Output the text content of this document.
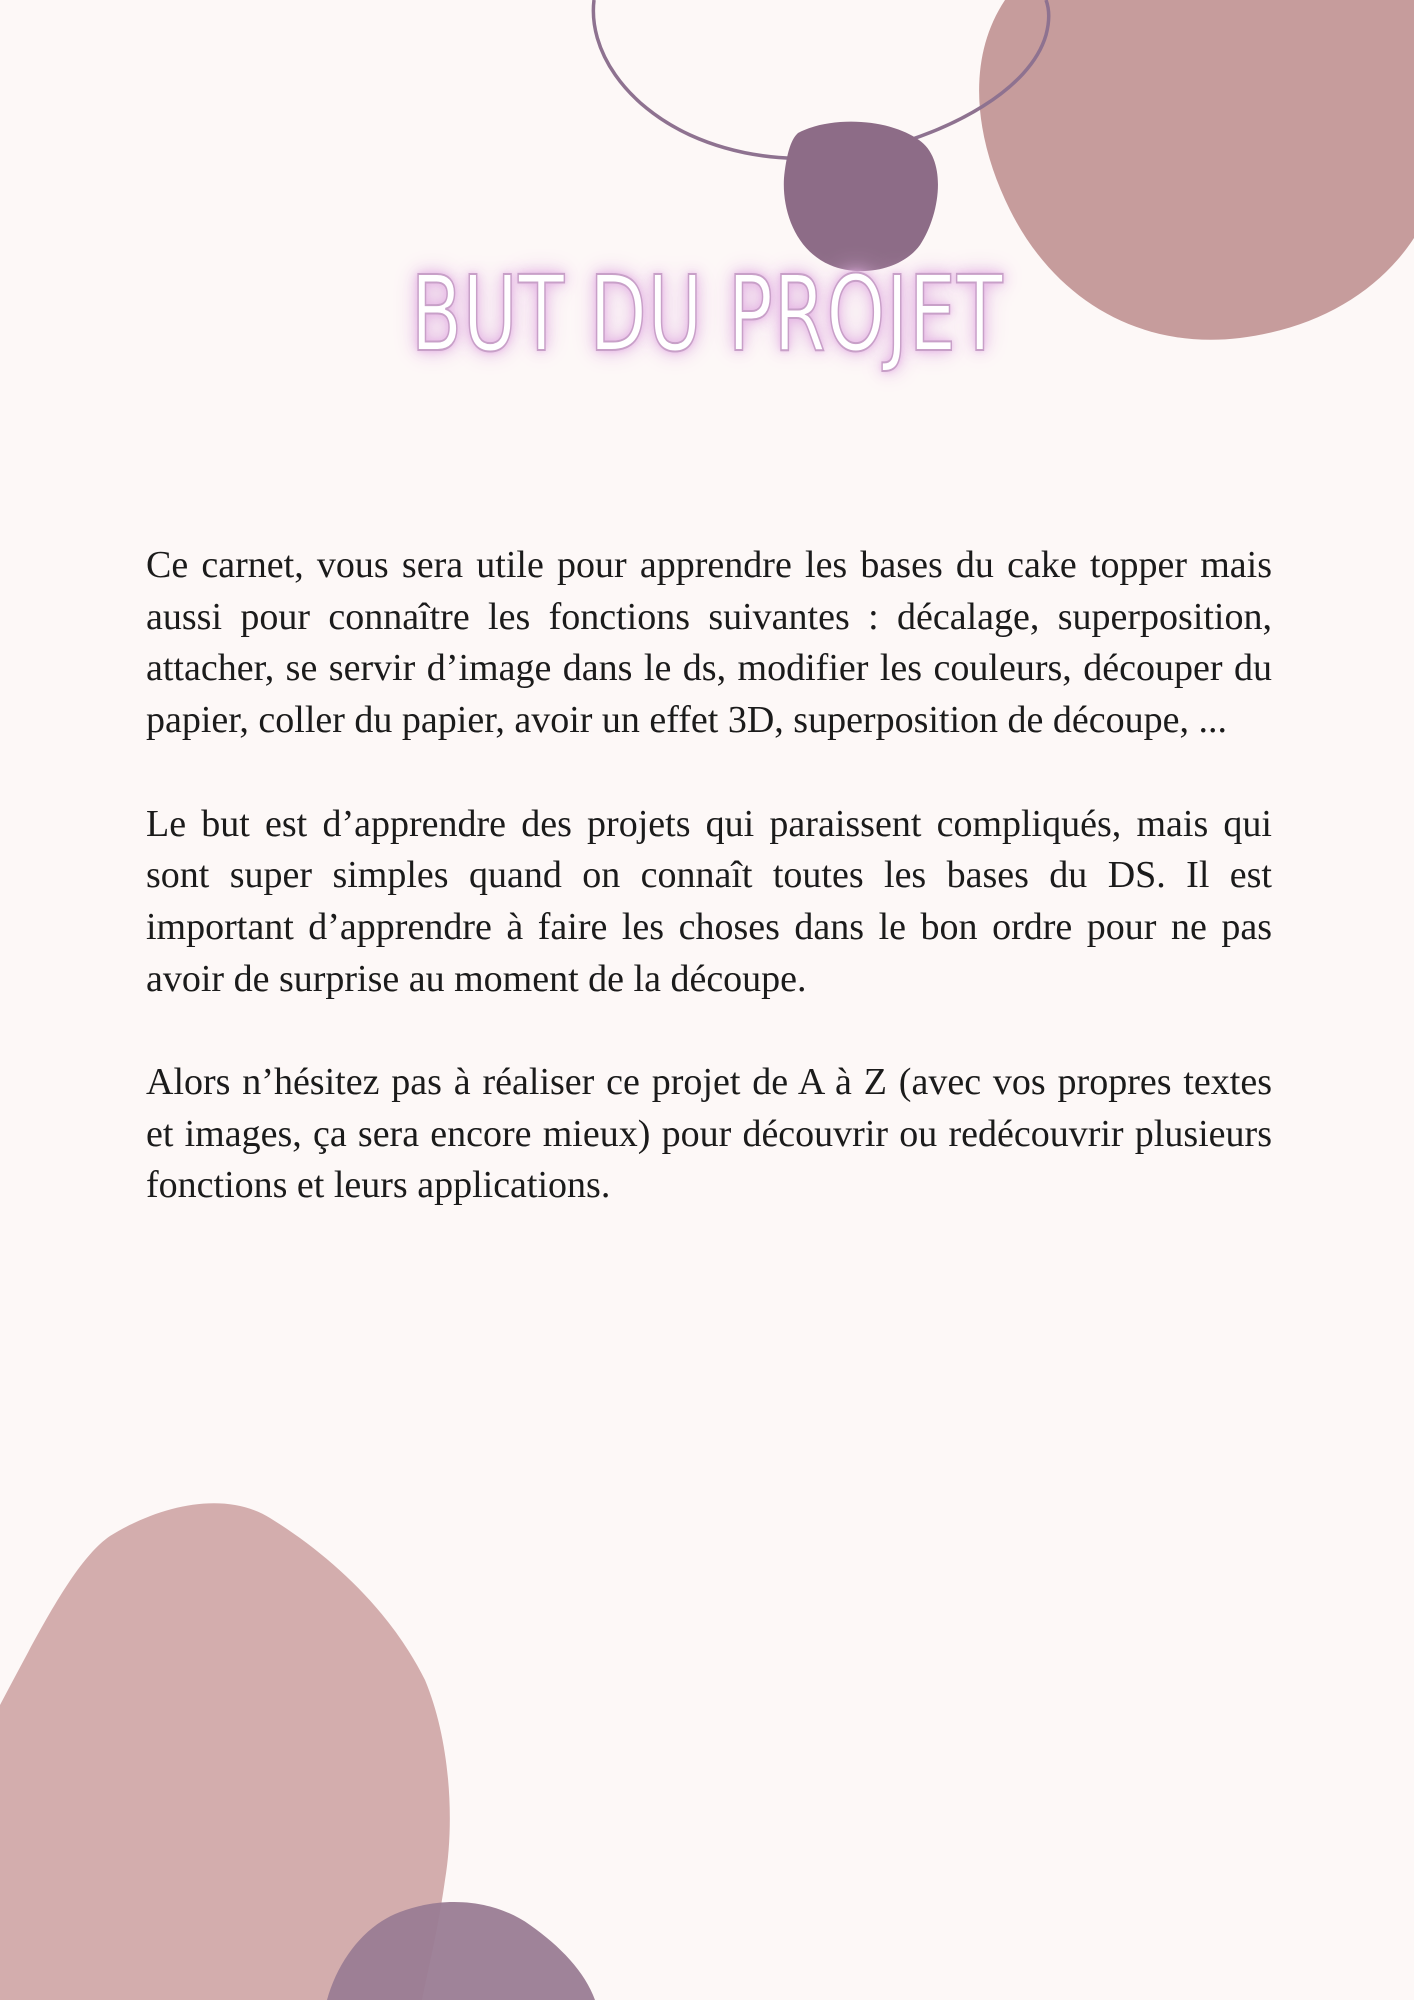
BUT DU PROJET

Ce carnet, vous sera utile pour apprendre les bases du cake topper mais aussi pour connaître les fonctions suivantes : décalage, superposition, attacher, se servir d’image dans le ds, modifier les couleurs, découper du papier, coller du papier, avoir un effet 3D, superposition de découpe, ...

Le but est d’apprendre des projets qui paraissent compliqués, mais qui sont super simples quand on connaît toutes les bases du DS. Il est important d’apprendre à faire les choses dans le bon ordre pour ne pas avoir de surprise au moment de la découpe.

Alors n’hésitez pas à réaliser ce projet de A à Z (avec vos propres textes et images, ça sera encore mieux) pour découvrir ou redécouvrir plusieurs fonctions et leurs applications.
